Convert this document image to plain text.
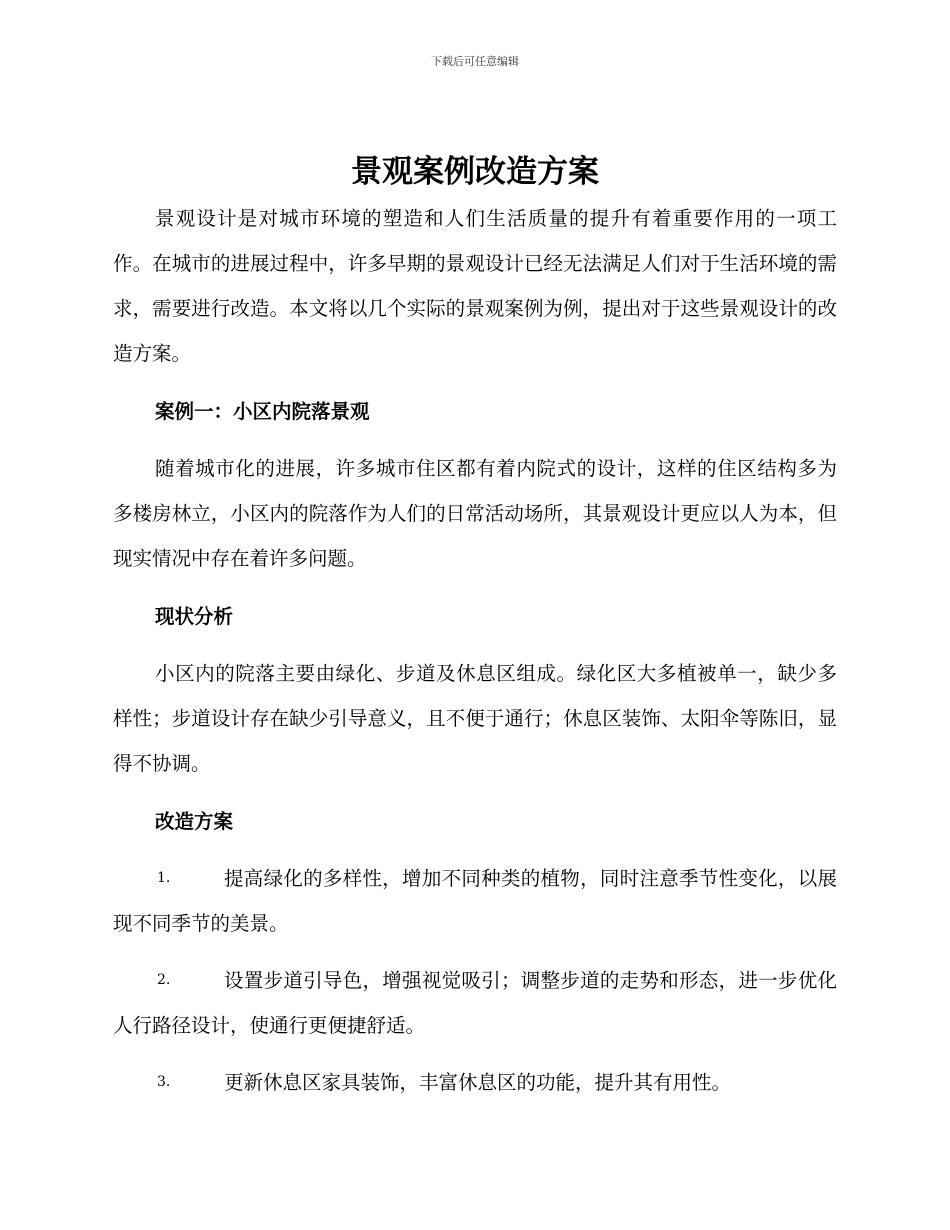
下载后可任意编辑
景观案例改造方案

景观设计是对城市环境的塑造和人们生活质量的提升有着重要作用的一项工作。在城市的进展过程中，许多早期的景观设计已经无法满足人们对于生活环境的需求，需要进行改造。本文将以几个实际的景观案例为例，提出对于这些景观设计的改造方案。

案例一：小区内院落景观

随着城市化的进展，许多城市住区都有着内院式的设计，这样的住区结构多为多楼房林立，小区内的院落作为人们的日常活动场所，其景观设计更应以人为本，但现实情况中存在着许多问题。

现状分析

小区内的院落主要由绿化、步道及休息区组成。绿化区大多植被单一，缺少多样性；步道设计存在缺少引导意义，且不便于通行；休息区装饰、太阳伞等陈旧，显得不协调。

改造方案
1.	提高绿化的多样性，增加不同种类的植物，同时注意季节性变化，以展现不同季节的美景。
2.	设置步道引导色，增强视觉吸引；调整步道的走势和形态，进一步优化人行路径设计，使通行更便捷舒适。
3.	更新休息区家具装饰，丰富休息区的功能，提升其有用性。
